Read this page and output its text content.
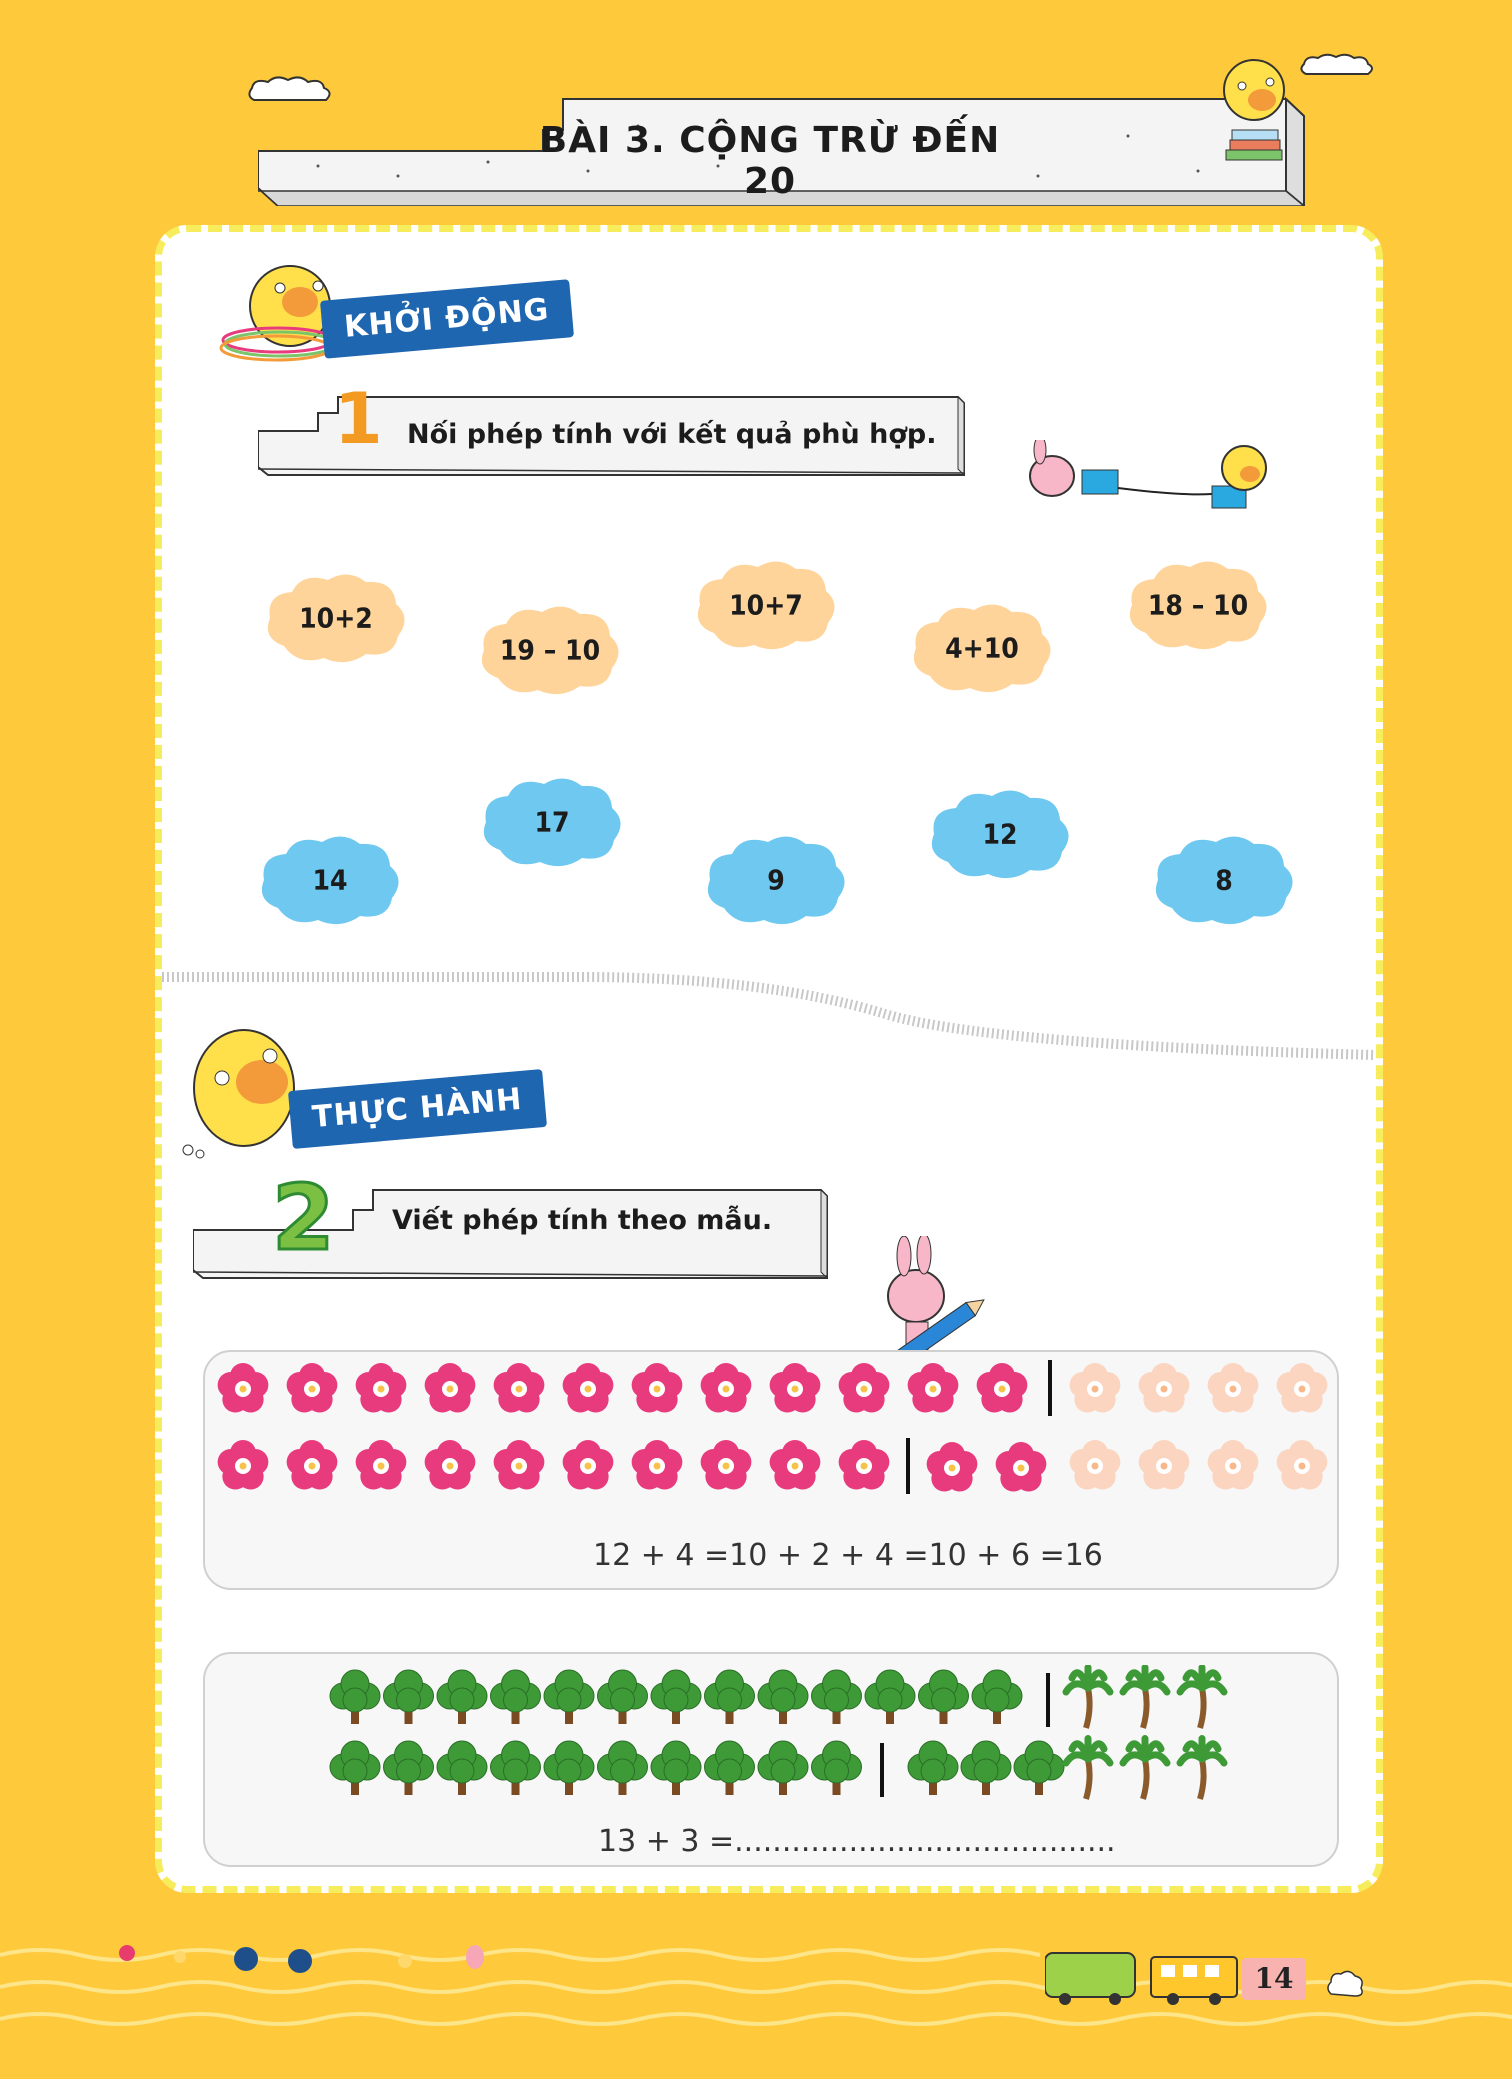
BÀI 3. CỘNG TRỪ ĐẾN 20
KHỞI ĐỘNG
1 Nối phép tính với kết quả phù hợp.
10+2
19 – 10
10+7
4+10
18 – 10
14
17
9
12
8
THỰC HÀNH
2 Viết phép tính theo mẫu.
12 + 4 =10 + 2 + 4 =10 + 6 =16
13 + 3 =........................................
14
